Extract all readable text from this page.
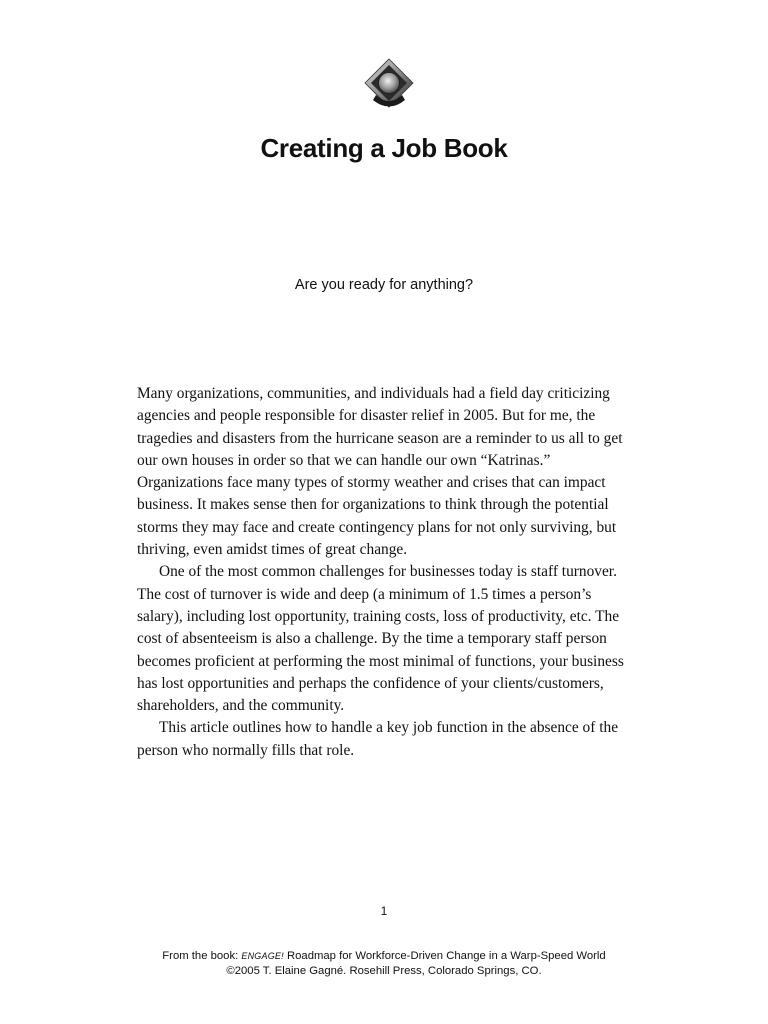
Creating a Job Book

Are you ready for anything?

Many organizations, communities, and individuals had a field day criticizing agencies and people responsible for disaster relief in 2005. But for me, the tragedies and disasters from the hurricane season are a reminder to us all to get our own houses in order so that we can handle our own “Katrinas.” Organizations face many types of stormy weather and crises that can impact business. It makes sense then for organizations to think through the potential storms they may face and create contingency plans for not only surviving, but thriving, even amidst times of great change.

One of the most common challenges for businesses today is staff turnover. The cost of turnover is wide and deep (a minimum of 1.5 times a person’s salary), including lost opportunity, training costs, loss of productivity, etc. The cost of absenteeism is also a challenge. By the time a temporary staff person becomes proficient at performing the most minimal of functions, your business has lost opportunities and perhaps the confidence of your clients/customers, shareholders, and the community.

This article outlines how to handle a key job function in the absence of the person who normally fills that role.

1

From the book: ENGAGE! Roadmap for Workforce-Driven Change in a Warp-Speed World
©2005 T. Elaine Gagné. Rosehill Press, Colorado Springs, CO.
